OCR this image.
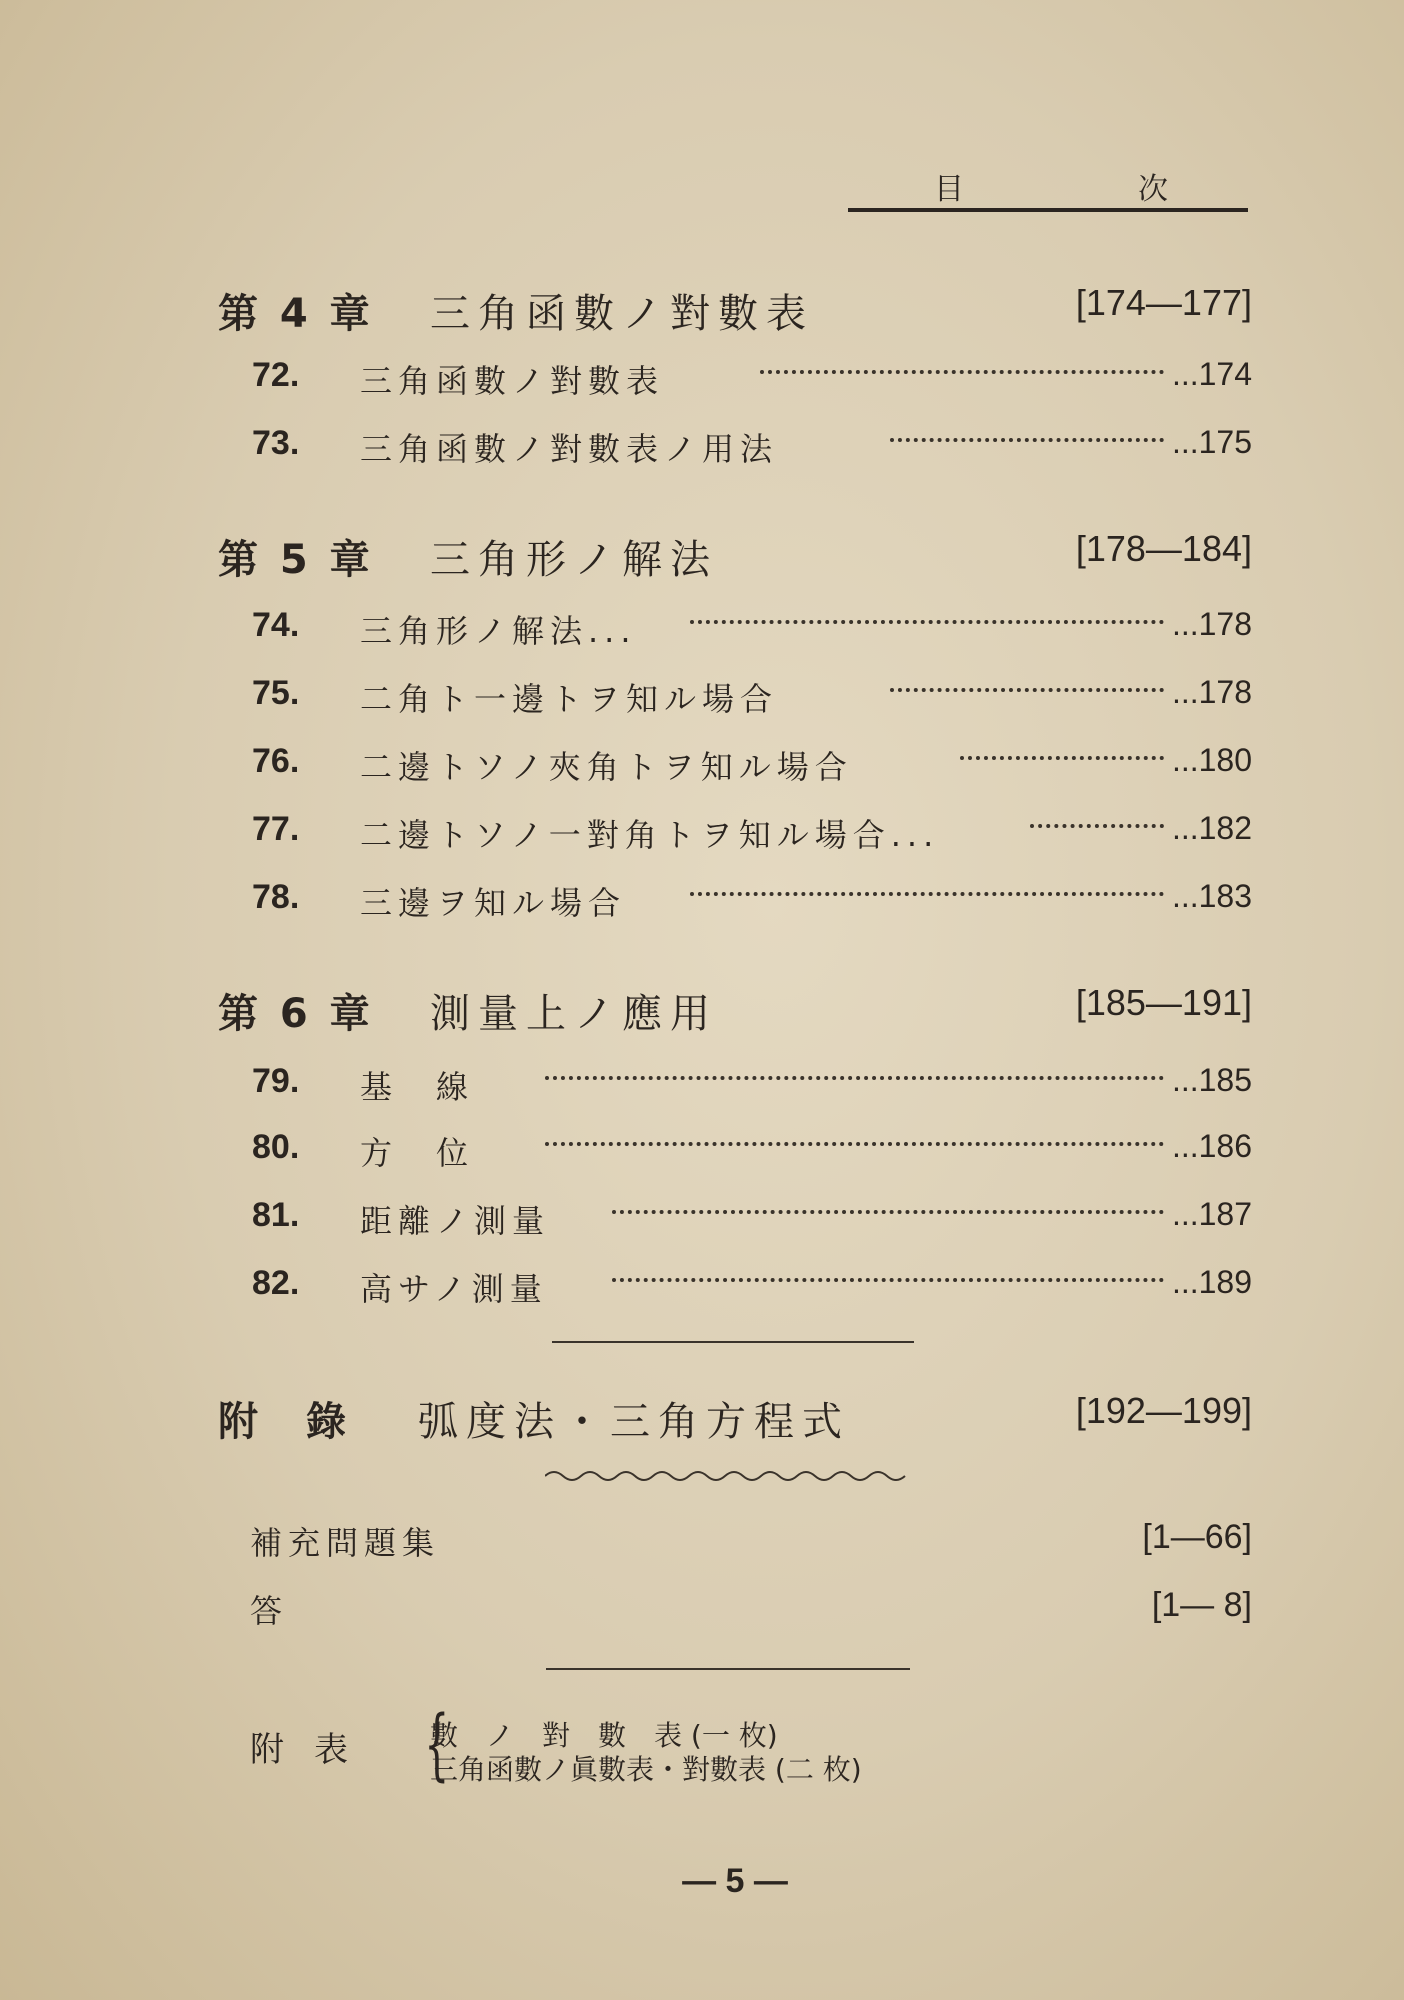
目	次
第 4 章 三角函數ノ對數表	[174—177]
72. 三角函數ノ對數表	...174
73. 三角函數ノ對數表ノ用法	...175
第 5 章 三角形ノ解法	[178—184]
74. 三角形ノ解法...	...178
75. 二角ト一邊トヲ知ル場合	...178
76. 二邊トソノ夾角トヲ知ル場合	...180
77. 二邊トソノ一對角トヲ知ル場合...	...182
78. 三邊ヲ知ル場合	...183
第 6 章 測量上ノ應用	[185—191]
79. 基　線	...185
80. 方　位	...186
81. 距離ノ測量	...187
82. 高サノ測量	...189
附　錄 弧度法・三角方程式	[192—199]
補充問題集	[1—66]
答	[1— 8]
附表 {
數　ノ　對　數　表 (一 枚)
三角函數ノ眞數表・對數表 (二 枚)
— 5 —
